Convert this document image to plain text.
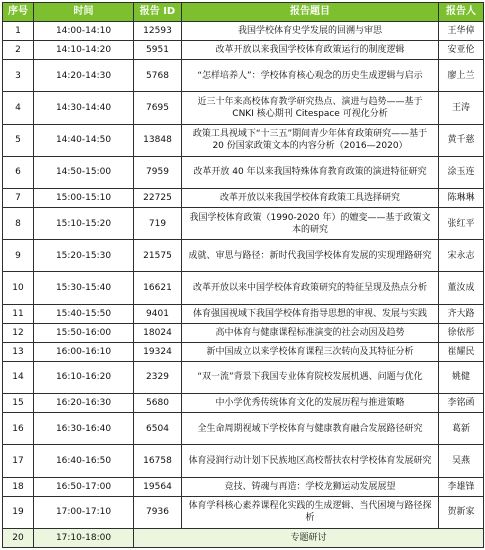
序号	时间	报告 ID	报告题目	报告人
1	14:00-14:10	12593	我国学校体育史学发展的回溯与审思	王华倬
2	14:10-14:20	5951	改革开放以来我国学校体育政策运行的制度逻辑	安亚伦
3	14:20-14:30	5768	“怎样培养人”：学校体育核心观念的历史生成逻辑与启示	廖上兰
4	14:30-14:40	7695	近三十年来高校体育教学研究热点、演进与趋势——基于 CNKI 核心期刊 Citespace 可视化分析	王涛
5	14:40-14:50	13848	政策工具视域下“十三五”期间青少年体育政策研究——基于 20 份国家政策文本的内容分析（2016—2020）	黄千慈
6	14:50-15:00	7959	改革开放 40 年以来我国特殊体育教育政策的演进特征研究	涂玉连
7	15:00-15:10	22725	改革开放以来我国学校体育政策工具选择研究	陈琳琳
8	15:10-15:20	719	我国学校体育政策（1990-2020 年）的嬗变——基于政策文本的研究	张红平
9	15:20-15:30	21575	成就、审思与路径：新时代我国学校体育发展的实现理路研究	宋永志
10	15:30-15:40	16621	改革开放以来中国学校体育政策研究的特征呈现及热点分析	董汝成
11	15:40-15:50	9401	体育强国视域下我国学校体育指导思想的审视、发展与实践	齐大路
12	15:50-16:00	18024	高中体育与健康课程标准演变的社会动因及趋势	徐依彤
13	16:00-16:10	19324	新中国成立以来学校体育课程三次转向及其特征分析	崔耀民
14	16:10-16:20	2329	“双一流”背景下我国专业体育院校发展机遇、问题与优化	姚健
15	16:20-16:30	5680	中小学优秀传统体育文化的发展历程与推进策略	李铭函
16	16:30-16:40	6504	全生命周期视域下学校体育与健康教育融合发展路径研究	葛新
17	16:40-16:50	16758	体育浸润行动计划下民族地区高校帮扶农村学校体育发展研究	吴燕
18	16:50-17:00	19564	竞技、铸魂与再造：学校龙狮运动发展展望	李雄锋
19	17:00-17:10	7936	体育学科核心素养课程化实践的生成逻辑、当代困境与路径探析	贺新家
20	17:10-18:00	专题研讨		
